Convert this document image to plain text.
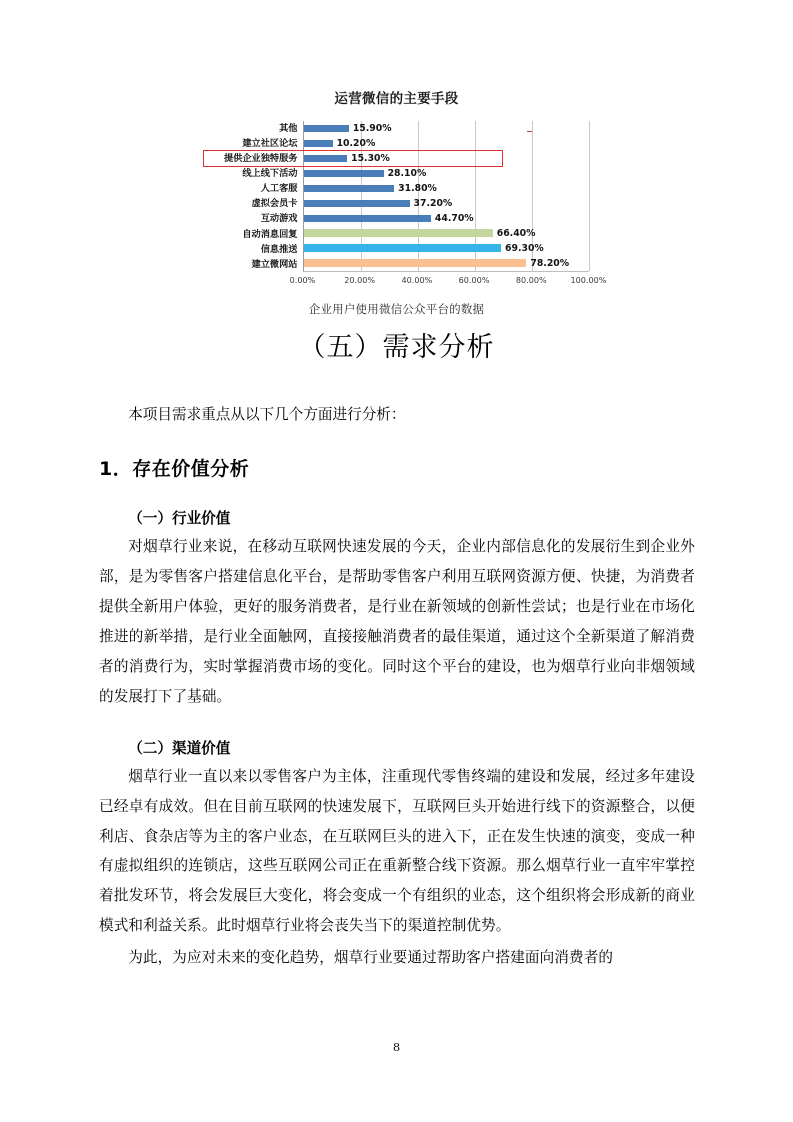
运营微信的主要手段
其他
建立社区论坛
提供企业独特服务
线上线下活动
人工客服
虚拟会员卡
互动游戏
自动消息回复
信息推送
建立微网站
15.90%
10.20%
15.30%
28.10%
31.80%
37.20%
44.70%
66.40%
69.30%
78.20%
0.00%	20.00%	40.00%	60.00%	80.00%	100.00%
企业用户使用微信公众平台的数据
（五）需求分析

本项目需求重点从以下几个方面进行分析：

1．存在价值分析
（一）行业价值

对烟草行业来说，在移动互联网快速发展的今天，企业内部信息化的发展衍生到企业外部，是为零售客户搭建信息化平台，是帮助零售客户利用互联网资源方便、快捷，为消费者提供全新用户体验，更好的服务消费者，是行业在新领域的创新性尝试；也是行业在市场化推进的新举措，是行业全面触网，直接接触消费者的最佳渠道，通过这个全新渠道了解消费者的消费行为，实时掌握消费市场的变化。同时这个平台的建设，也为烟草行业向非烟领域的发展打下了基础。

（二）渠道价值

烟草行业一直以来以零售客户为主体，注重现代零售终端的建设和发展，经过多年建设已经卓有成效。但在目前互联网的快速发展下，互联网巨头开始进行线下的资源整合，以便利店、食杂店等为主的客户业态，在互联网巨头的进入下，正在发生快速的演变，变成一种有虚拟组织的连锁店，这些互联网公司正在重新整合线下资源。那么烟草行业一直牢牢掌控着批发环节，将会发展巨大变化，将会变成一个有组织的业态，这个组织将会形成新的商业模式和利益关系。此时烟草行业将会丧失当下的渠道控制优势。

为此，为应对未来的变化趋势，烟草行业要通过帮助客户搭建面向消费者的

8
